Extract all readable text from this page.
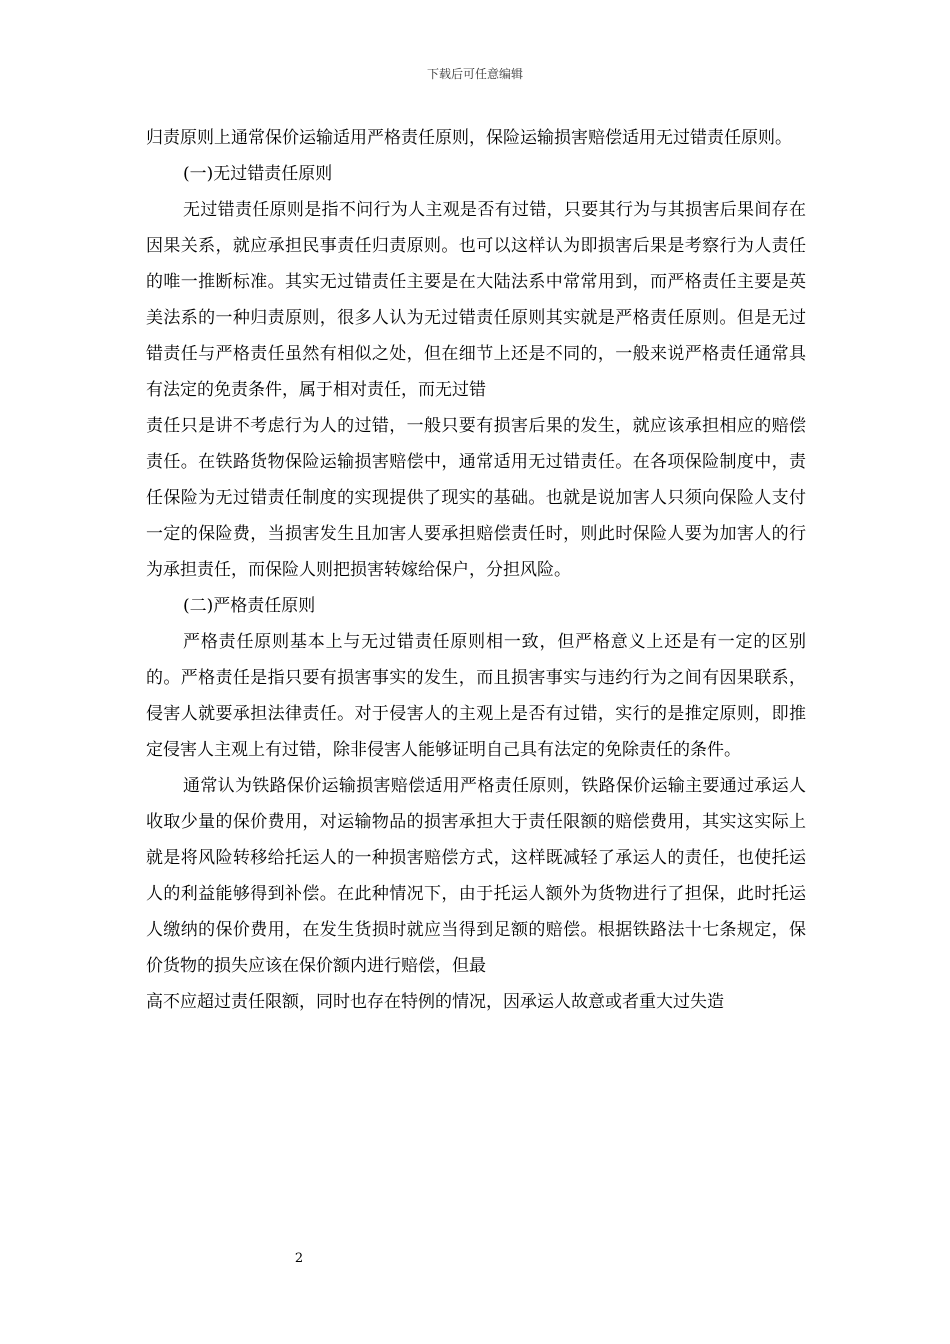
下载后可任意编辑

归责原则上通常保价运输适用严格责任原则，保险运输损害赔偿适用无过错责任原则。

(一)无过错责任原则

无过错责任原则是指不问行为人主观是否有过错，只要其行为与其损害后果间存在因果关系，就应承担民事责任归责原则。也可以这样认为即损害后果是考察行为人责任的唯一推断标准。其实无过错责任主要是在大陆法系中常常用到，而严格责任主要是英美法系的一种归责原则，很多人认为无过错责任原则其实就是严格责任原则。但是无过错责任与严格责任虽然有相似之处，但在细节上还是不同的，一般来说严格责任通常具有法定的免责条件，属于相对责任，而无过错

责任只是讲不考虑行为人的过错，一般只要有损害后果的发生，就应该承担相应的赔偿责任。在铁路货物保险运输损害赔偿中，通常适用无过错责任。在各项保险制度中，责任保险为无过错责任制度的实现提供了现实的基础。也就是说加害人只须向保险人支付一定的保险费，当损害发生且加害人要承担赔偿责任时，则此时保险人要为加害人的行为承担责任，而保险人则把损害转嫁给保户，分担风险。

(二)严格责任原则

严格责任原则基本上与无过错责任原则相一致，但严格意义上还是有一定的区别的。严格责任是指只要有损害事实的发生，而且损害事实与违约行为之间有因果联系，侵害人就要承担法律责任。对于侵害人的主观上是否有过错，实行的是推定原则，即推定侵害人主观上有过错，除非侵害人能够证明自己具有法定的免除责任的条件。

通常认为铁路保价运输损害赔偿适用严格责任原则，铁路保价运输主要通过承运人收取少量的保价费用，对运输物品的损害承担大于责任限额的赔偿费用，其实这实际上就是将风险转移给托运人的一种损害赔偿方式，这样既减轻了承运人的责任，也使托运人的利益能够得到补偿。在此种情况下，由于托运人额外为货物进行了担保，此时托运人缴纳的保价费用，在发生货损时就应当得到足额的赔偿。根据铁路法十七条规定，保价货物的损失应该在保价额内进行赔偿，但最

高不应超过责任限额，同时也存在特例的情况，因承运人故意或者重大过失造

2
